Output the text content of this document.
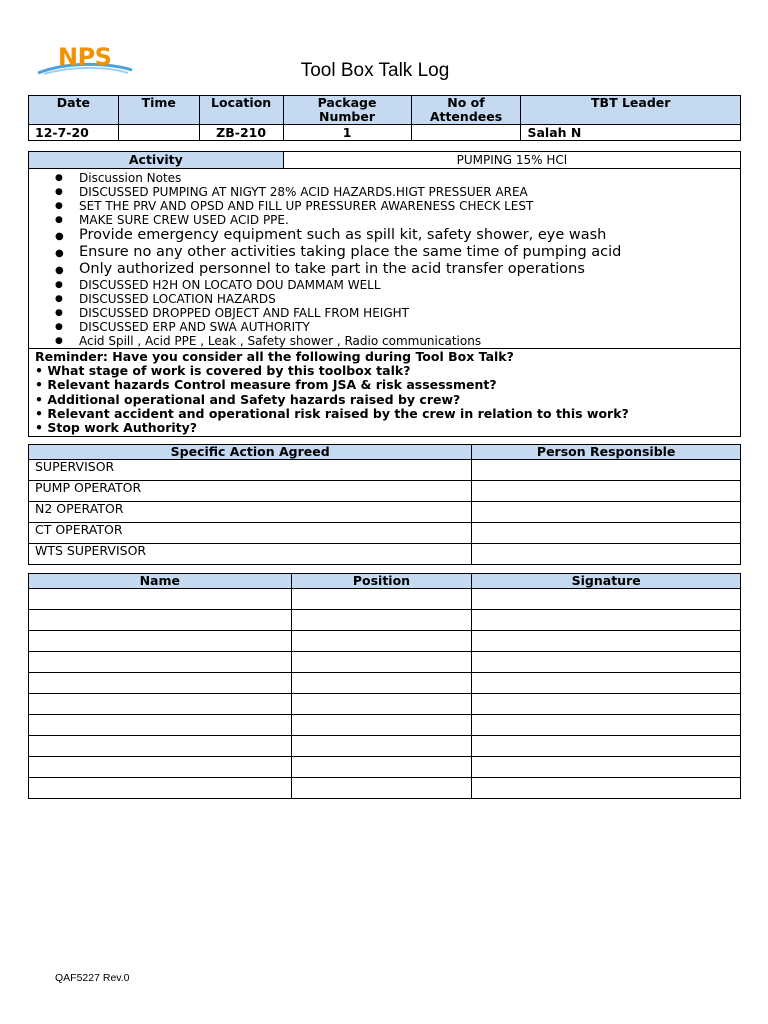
NPS	Tool Box Talk Log
Date	Time	Location	Package Number	No of Attendees	TBT Leader
12-7-20		ZB-210	1		Salah N
Activity	PUMPING 15% HCl

● Discussion Notes
● DISCUSSED PUMPING AT NIGYT 28% ACID HAZARDS.HIGT PRESSUER AREA
● SET THE PRV AND OPSD AND FILL UP PRESSURER AWARENESS CHECK LEST
● MAKE SURE CREW USED ACID PPE.
● Provide emergency equipment such as spill kit, safety shower, eye wash
● Ensure no any other activities taking place the same time of pumping acid
● Only authorized personnel to take part in the acid transfer operations
● DISCUSSED H2H ON LOCATO DOU DAMMAM WELL
● DISCUSSED LOCATION HAZARDS
● DISCUSSED DROPPED OBJECT AND FALL FROM HEIGHT
● DISCUSSED ERP AND SWA AUTHORITY
● Acid Spill , Acid PPE , Leak , Safety shower , Radio communications

Reminder: Have you consider all the following during Tool Box Talk?
• What stage of work is covered by this toolbox talk?
• Relevant hazards Control measure from JSA & risk assessment?
• Additional operational and Safety hazards raised by crew?
• Relevant accident and operational risk raised by the crew in relation to this work?
• Stop work Authority?
Specific Action Agreed	Person Responsible
SUPERVISOR	
PUMP OPERATOR	
N2 OPERATOR	
CT OPERATOR	
WTS SUPERVISOR	
Name	Position	Signature

QAF5227 Rev.0
